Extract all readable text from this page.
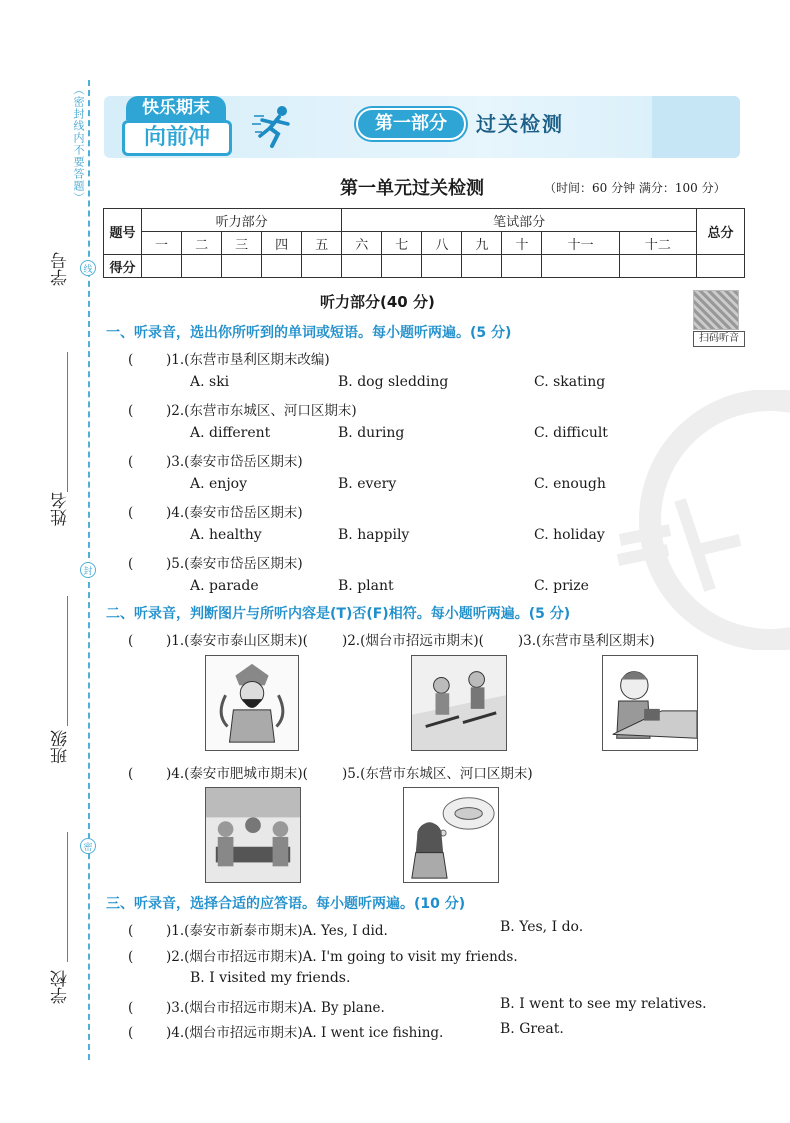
（密封线内不要答题）
线
封
密
学号
姓名
班级
学校
快乐期末
向前冲
第一部分	过关检测
第一单元过关检测	（时间：60 分钟 满分：100 分）
题号	听力部分					笔试部分							总分
	一	二	三	四	五	六	七	八	九	十	十一	十二	
得分													
扫码听音
听力部分(40 分)
一、听录音，选出你所听到的单词或短语。每小题听两遍。(5 分)
( )1.(东营市垦利区期末改编)
A. ski	B. dog sledding	C. skating
( )2.(东营市东城区、河口区期末)
A. different	B. during	C. difficult
( )3.(泰安市岱岳区期末)
A. enjoy	B. every	C. enough
( )4.(泰安市岱岳区期末)
A. healthy	B. happily	C. holiday
( )5.(泰安市岱岳区期末)
A. parade	B. plant	C. prize
二、听录音，判断图片与所听内容是(T)否(F)相符。每小题听两遍。(5 分)
( )1.(泰安市泰山区期末)(	)2.(烟台市招远市期末)(	)3.(东营市垦利区期末)
( )4.(泰安市肥城市期末)(	)5.(东营市东城区、河口区期末)
三、听录音，选择合适的应答语。每小题听两遍。(10 分)
( )1.(泰安市新泰市期末)A. Yes, I did.	B. Yes, I do.
( )2.(烟台市招远市期末)A. I'm going to visit my friends.
B. I visited my friends.
( )3.(烟台市招远市期末)A. By plane.	B. I went to see my relatives.
( )4.(烟台市招远市期末)A. I went ice fishing.	B. Great.
